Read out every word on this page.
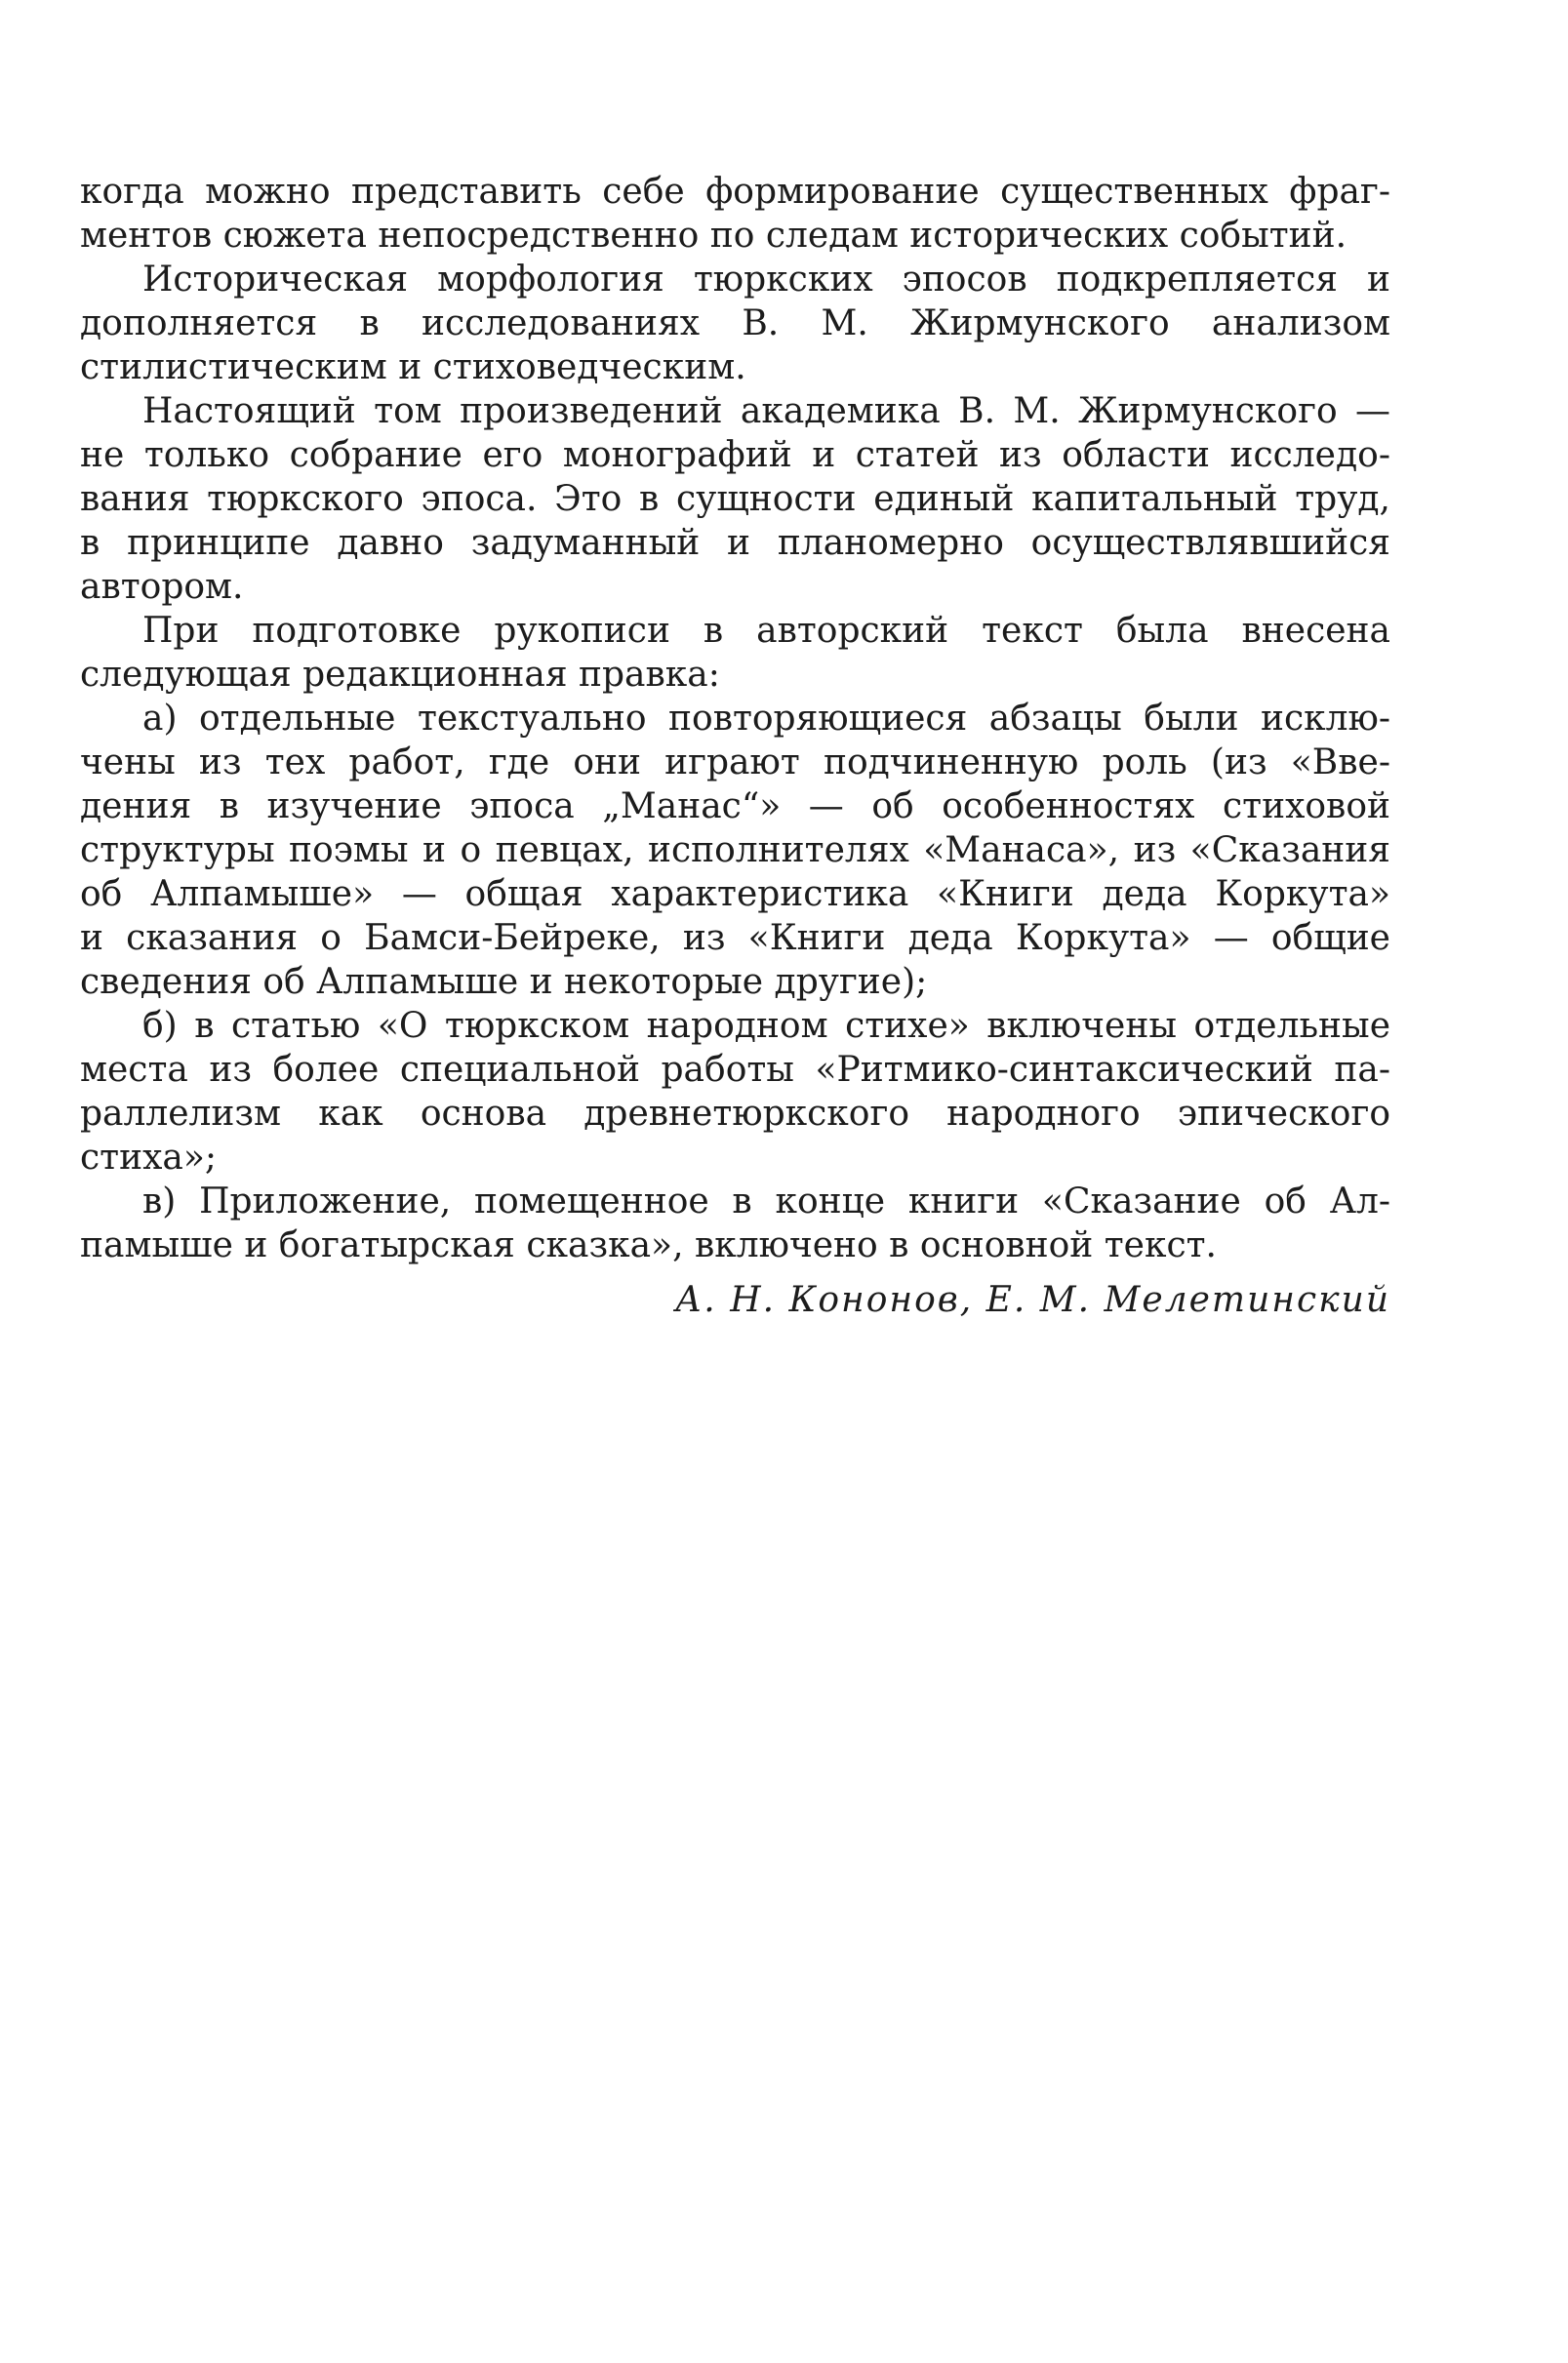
когда можно представить себе формирование существенных фраг-
ментов сюжета непосредственно по следам исторических событий.
Историческая морфология тюркских эпосов подкрепляется и
дополняется в исследованиях В. М. Жирмунского анализом
стилистическим и стиховедческим.
Настоящий том произведений академика В. М. Жирмунского —
не только собрание его монографий и статей из области исследо-
вания тюркского эпоса. Это в сущности единый капитальный труд,
в принципе давно задуманный и планомерно осуществлявшийся
автором.
При подготовке рукописи в авторский текст была внесена
следующая редакционная правка:
а) отдельные текстуально повторяющиеся абзацы были исклю-
чены из тех работ, где они играют подчиненную роль (из «Вве-
дения в изучение эпоса „Манас“» — об особенностях стиховой
структуры поэмы и о певцах, исполнителях «Манаса», из «Сказания
об Алпамыше» — общая характеристика «Книги деда Коркута»
и сказания о Бамси-Бейреке, из «Книги деда Коркута» — общие
сведения об Алпамыше и некоторые другие);
б) в статью «О тюркском народном стихе» включены отдельные
места из более специальной работы «Ритмико-синтаксический па-
раллелизм как основа древнетюркского народного эпического
стиха»;
в) Приложение, помещенное в конце книги «Сказание об Ал-
памыше и богатырская сказка», включено в основной текст.
А. Н. Кононов, Е. М. Мелетинский
